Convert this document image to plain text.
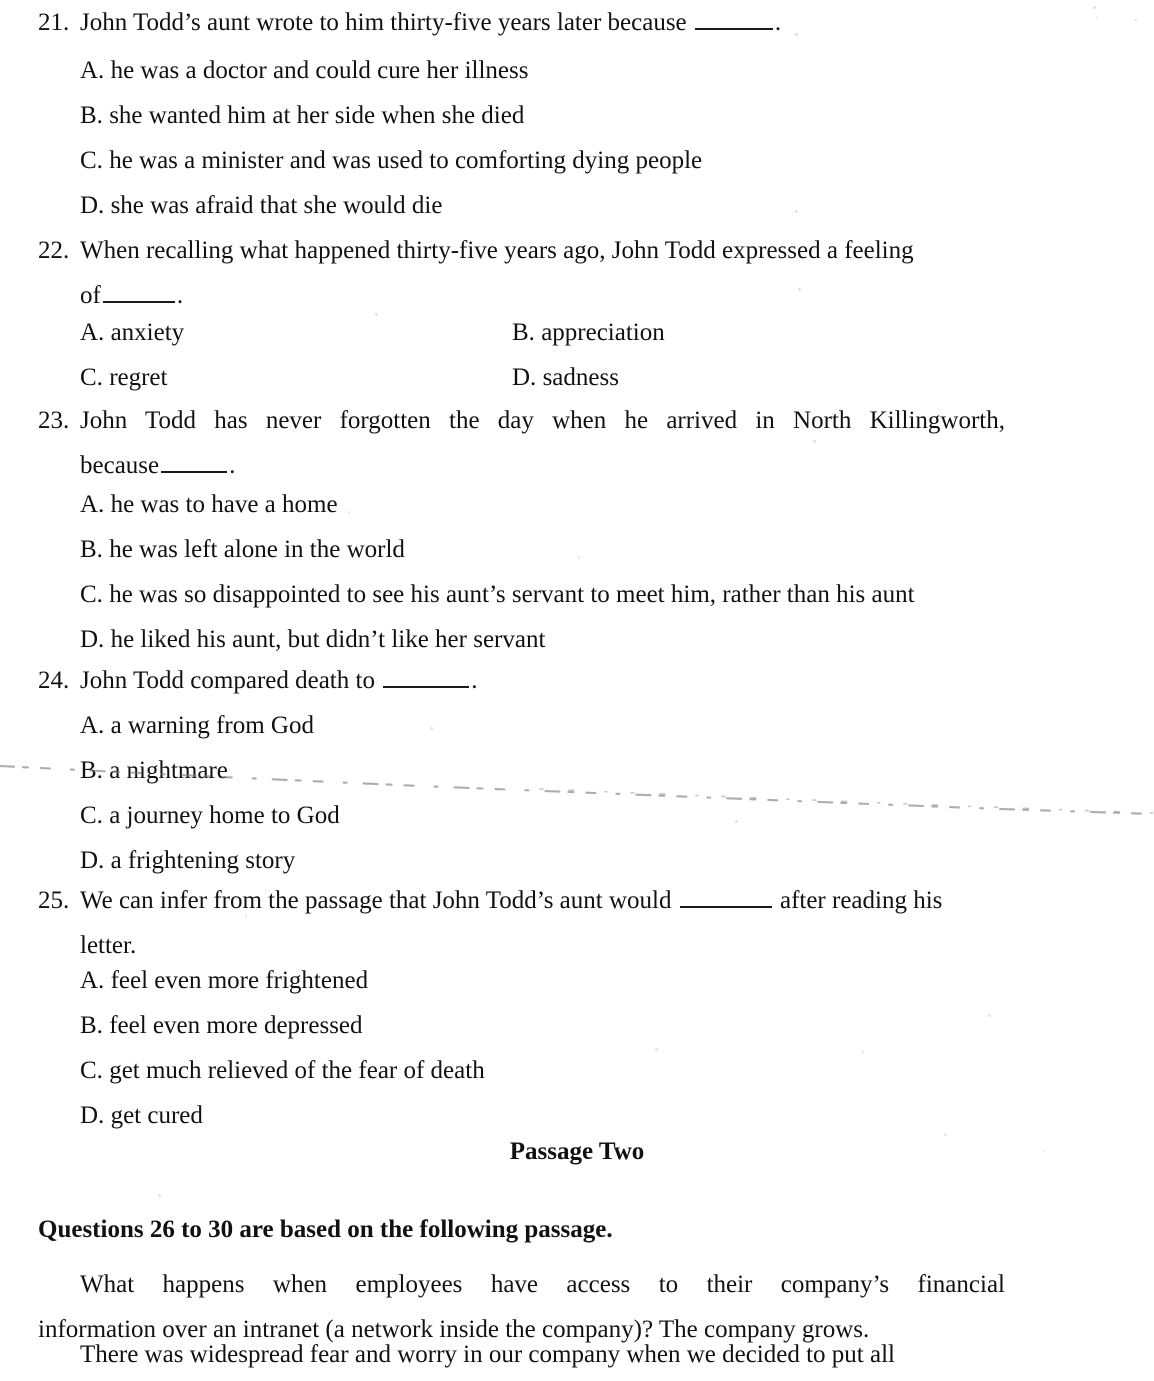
21. John Todd’s aunt wrote to him thirty-five years later because	.
A. he was a doctor and could cure her illness
B. she wanted him at her side when she died
C. he was a minister and was used to comforting dying people
D. she was afraid that she would die
22. When recalling what happened thirty-five years ago, John Todd expressed a feeling
of	.
A. anxiety	B. appreciation
C. regret	D. sadness
23. John Todd has never forgotten the day when he arrived in North Killingworth,
because	.
A. he was to have a home
B. he was left alone in the world
C. he was so disappointed to see his aunt’s servant to meet him, rather than his aunt
D. he liked his aunt, but didn’t like her servant
24. John Todd compared death to	.
A. a warning from God
B. a nightmare
C. a journey home to God
D. a frightening story
25. We can infer from the passage that John Todd’s aunt would	after reading his
letter.
A. feel even more frightened
B. feel even more depressed
C. get much relieved of the fear of death
D. get cured
Passage Two
Questions 26 to 30 are based on the following passage.
What happens when employees have access to their company’s financial
information over an intranet (a network inside the company)? The company grows.
There was widespread fear and worry in our company when we decided to put all
